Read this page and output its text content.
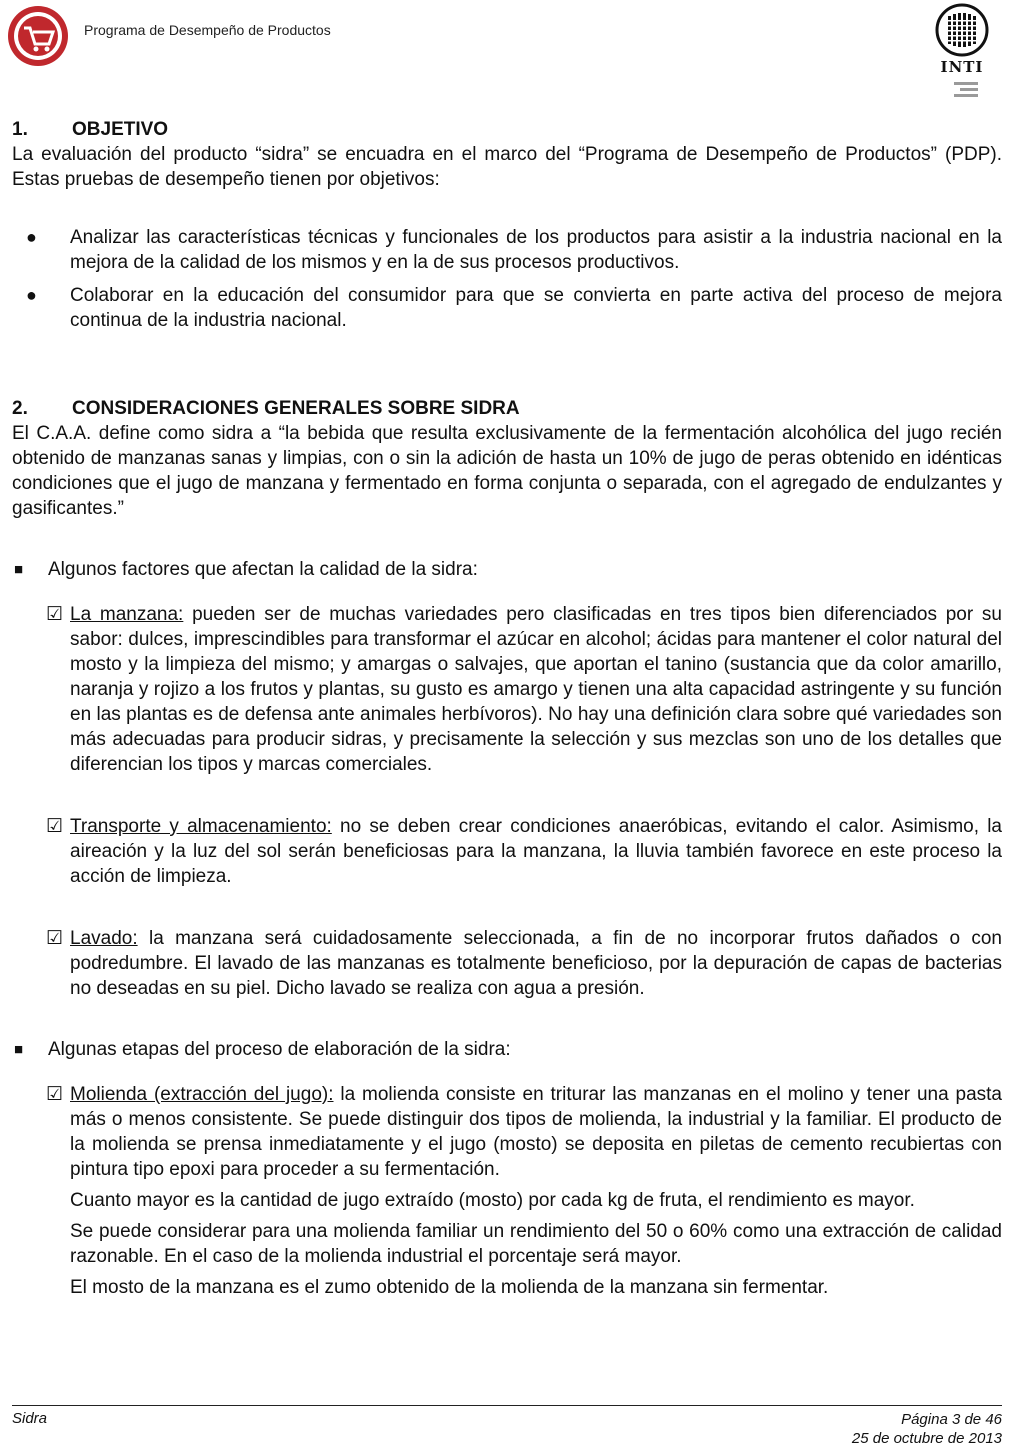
Programa de Desempeño de Productos
INTI
1.	OBJETIVO

La evaluación del producto “sidra” se encuadra en el marco del “Programa de Desempeño de Productos” (PDP). Estas pruebas de desempeño tienen por objetivos:

●	Analizar las características técnicas y funcionales de los productos para asistir a la industria nacional en la mejora de la calidad de los mismos y en la de sus procesos productivos.
●	Colaborar en la educación del consumidor para que se convierta en parte activa del proceso de mejora continua de la industria nacional.
2.	CONSIDERACIONES GENERALES SOBRE SIDRA

El C.A.A. define como sidra a “la bebida que resulta exclusivamente de la fermentación alcohólica del jugo recién obtenido de manzanas sanas y limpias, con o sin la adición de hasta un 10% de jugo de peras obtenido en idénticas condiciones que el jugo de manzana y fermentado en forma conjunta o separada, con el agregado de endulzantes y gasificantes.”

■	Algunos factores que afectan la calidad de la sidra:
☑ La manzana: pueden ser de muchas variedades pero clasificadas en tres tipos bien diferenciados por su sabor: dulces, imprescindibles para transformar el azúcar en alcohol; ácidas para mantener el color natural del mosto y la limpieza del mismo; y amargas o salvajes, que aportan el tanino (sustancia que da color amarillo, naranja y rojizo a los frutos y plantas, su gusto es amargo y tienen una alta capacidad astringente y su función en las plantas es de defensa ante animales herbívoros). No hay una definición clara sobre qué variedades son más adecuadas para producir sidras, y precisamente la selección y sus mezclas son uno de los detalles que diferencian los tipos y marcas comerciales.

☑ Transporte y almacenamiento: no se deben crear condiciones anaeróbicas, evitando el calor. Asimismo, la aireación y la luz del sol serán beneficiosas para la manzana, la lluvia también favorece en este proceso la acción de limpieza.

☑ Lavado: la manzana será cuidadosamente seleccionada, a fin de no incorporar frutos dañados o con podredumbre. El lavado de las manzanas es totalmente beneficioso, por la depuración de capas de bacterias no deseadas en su piel. Dicho lavado se realiza con agua a presión.

■	Algunas etapas del proceso de elaboración de la sidra:
☑ Molienda (extracción del jugo): la molienda consiste en triturar las manzanas en el molino y tener una pasta más o menos consistente. Se puede distinguir dos tipos de molienda, la industrial y la familiar. El producto de la molienda se prensa inmediatamente y el jugo (mosto) se deposita en piletas de cemento recubiertas con pintura tipo epoxi para proceder a su fermentación.

Cuanto mayor es la cantidad de jugo extraído (mosto) por cada kg de fruta, el rendimiento es mayor.

Se puede considerar para una molienda familiar un rendimiento del 50 o 60% como una extracción de calidad razonable. En el caso de la molienda industrial el porcentaje será mayor.

El mosto de la manzana es el zumo obtenido de la molienda de la manzana sin fermentar.

Sidra	Página 3 de 46
25 de octubre de 2013
